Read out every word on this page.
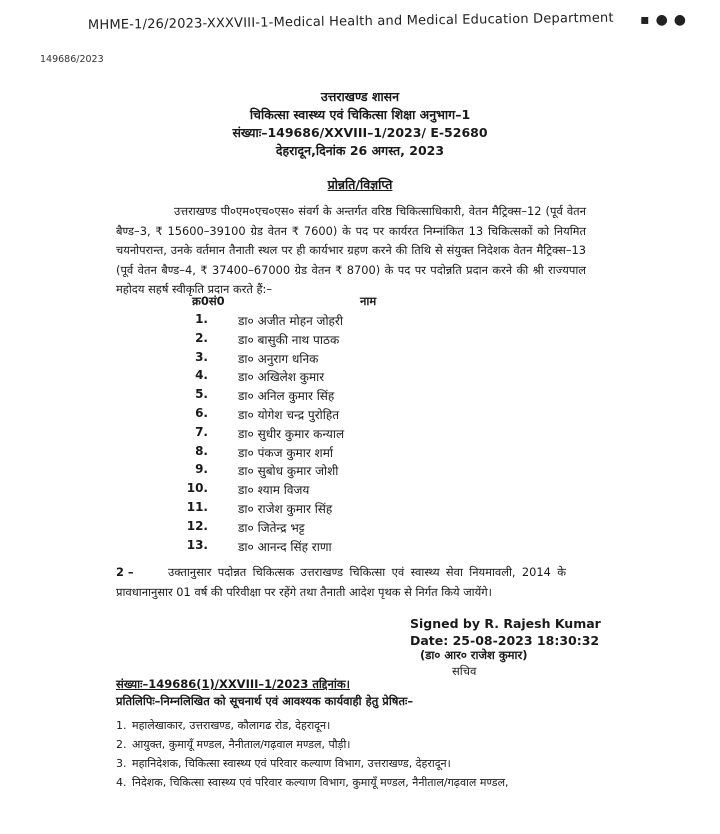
MHME-1/26/2023-XXXVIII-1-Medical Health and Medical Education Department ▪●●
149686/2023
उत्तराखण्ड शासन
चिकित्सा स्वास्थ्य एवं चिकित्सा शिक्षा अनुभाग–1
संख्याः–149686/XXVIII–1/2023/ E-52680
देहरादून,दिनांक 26 अगस्त, 2023
प्रोन्नति/विज्ञप्ति
उत्तराखण्ड पी०एम०एच०एस० संवर्ग के अन्तर्गत वरिष्ठ चिकित्साधिकारी, वेतन मैट्रिक्स–12 (पूर्व वेतन बैण्ड–3, ₹ 15600–39100 ग्रेड वेतन ₹ 7600) के पद पर कार्यरत निम्नांकित 13 चिकित्सकों को नियमित चयनोपरान्त, उनके वर्तमान तैनाती स्थल पर ही कार्यभार ग्रहण करने की तिथि से संयुक्त निदेशक वेतन मैट्रिक्स–13 (पूर्व वेतन बैण्ड–4, ₹ 37400–67000 ग्रेड वेतन ₹ 8700) के पद पर पदोन्नति प्रदान करने की श्री राज्यपाल महोदय सहर्ष स्वीकृति प्रदान करते हैं:–
क्र0सं0	नाम
1.	डा० अजीत मोहन जोहरी
2.	डा० बासुकी नाथ पाठक
3.	डा० अनुराग धनिक
4.	डा० अखिलेश कुमार
5.	डा० अनिल कुमार सिंह
6.	डा० योगेश चन्द्र पुरोहित
7.	डा० सुधीर कुमार कन्याल
8.	डा० पंकज कुमार शर्मा
9.	डा० सुबोध कुमार जोशी
10.	डा० श्याम विजय
11.	डा० राजेश कुमार सिंह
12.	डा० जितेन्द्र भट्ट
13.	डा० आनन्द सिंह राणा
2 –	उक्तानुसार पदोन्नत चिकित्सक उत्तराखण्ड चिकित्सा एवं स्वास्थ्य सेवा नियमावली, 2014 के प्रावधानानुसार 01 वर्ष की परिवीक्षा पर रहेंगे तथा तैनाती आदेश पृथक से निर्गत किये जायेंगे।
Signed by R. Rajesh Kumar
Date: 25-08-2023 18:30:32
(डा० आर० राजेश कुमार)
सचिव
संख्याः–149686(1)/XXVIII–1/2023 तद्दिनांक।
प्रतिलिपिः–निम्नलिखित को सूचनार्थ एवं आवश्यक कार्यवाही हेतु प्रेषितः–
1. महालेखाकार, उत्तराखण्ड, कौलागढ रोड, देहरादून।
2. आयुक्त, कुमायूँ मण्डल, नैनीताल/गढ़वाल मण्डल, पौड़ी।
3. महानिदेशक, चिकित्सा स्वास्थ्य एवं परिवार कल्याण विभाग, उत्तराखण्ड, देहरादून।
4. निदेशक, चिकित्सा स्वास्थ्य एवं परिवार कल्याण विभाग, कुमायूँ मण्डल, नैनीताल/गढ़वाल मण्डल,
